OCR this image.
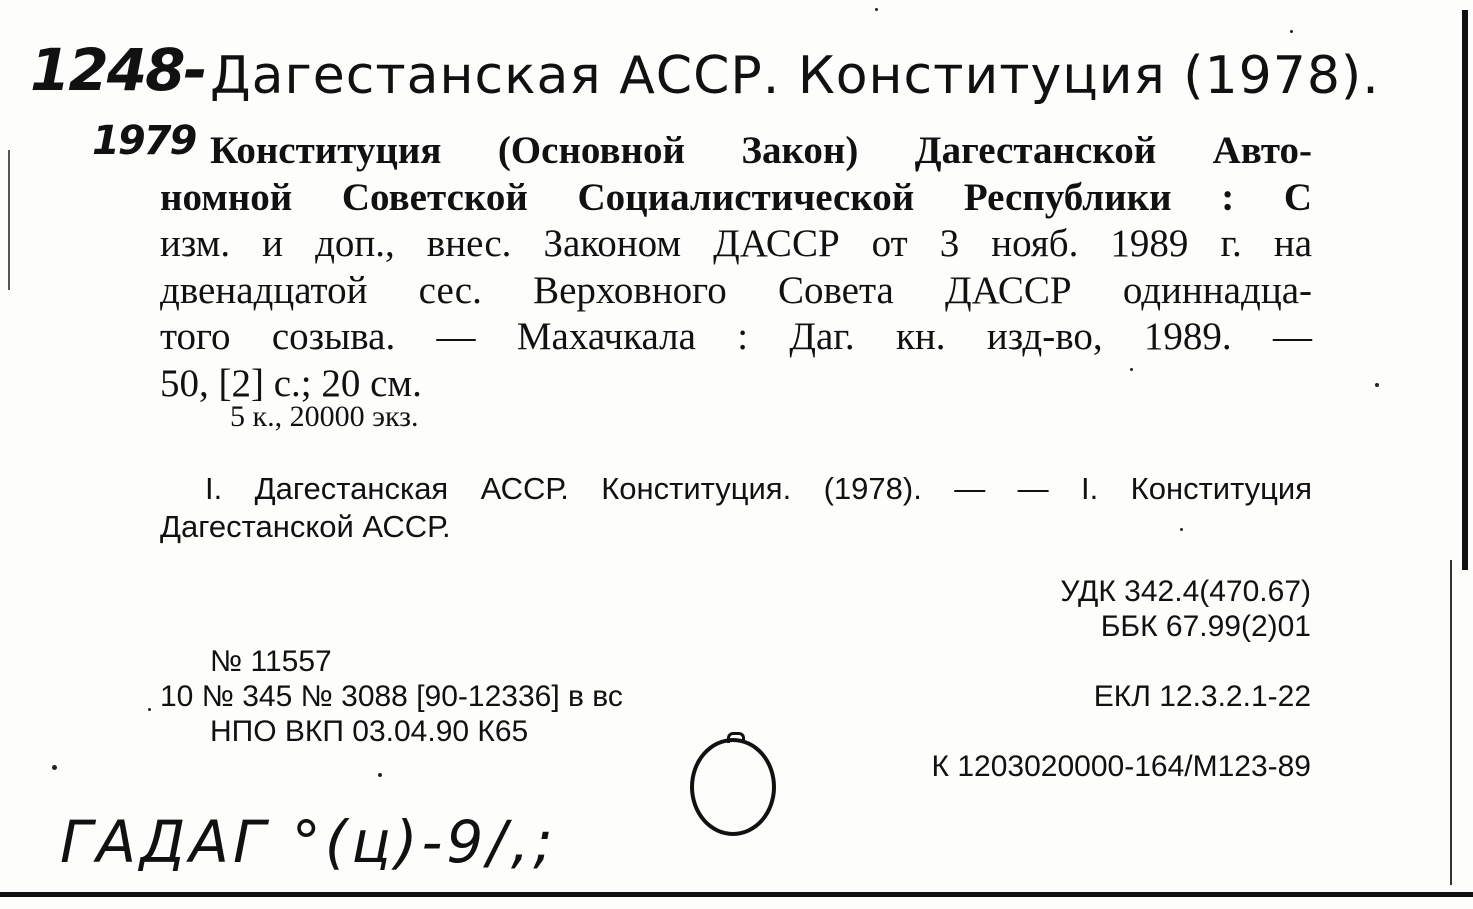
1248-
1979
Дагестанская АССР. Конституция (1978).
Конституция (Основной Закон) Дагестанской Авто-
номной Советской Социалистической Республики : С
изм. и доп., внес. Законом ДАССР от 3 нояб. 1989 г. на
двенадцатой сес. Верховного Совета ДАССР одиннадца-
того созыва. — Махачкала : Даг. кн. изд-во, 1989. —
50, [2] с.; 20 см.
5 к., 20000 экз.
I. Дагестанская АССР. Конституция. (1978). — — I. Конституция
Дагестанской АССР.
УДК 342.4(470.67)
ББК 67.99(2)01
ЕКЛ 12.3.2.1-22
К 1203020000-164/М123-89
№ 11557
10 № 345 № 3088 [90-12336] в вс
НПО ВКП 03.04.90 К65
ГАДАГ °(ц)-9/,;
